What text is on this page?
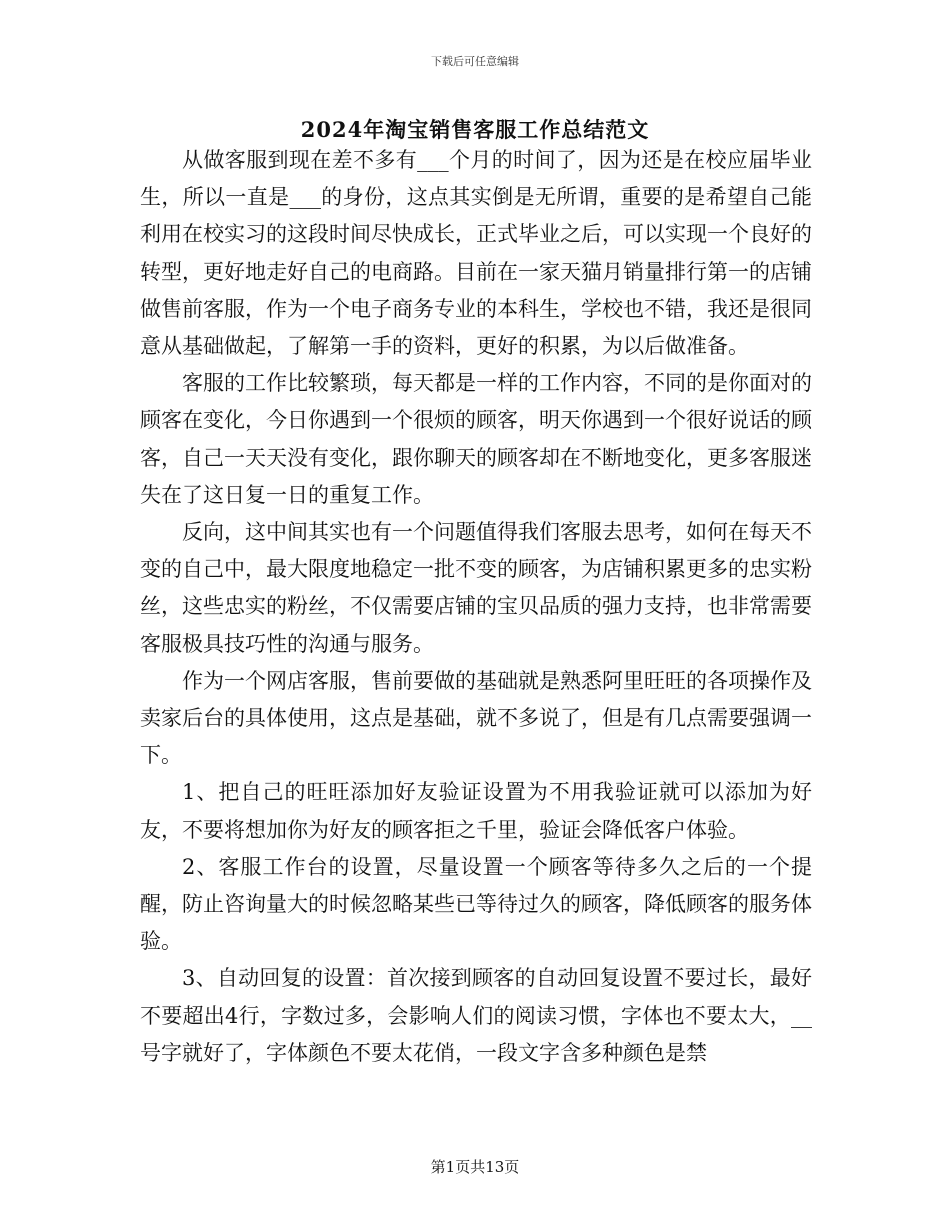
下载后可任意编辑
2024年淘宝销售客服工作总结范文

从做客服到现在差不多有___个月的时间了，因为还是在校应届毕业生，所以一直是___的身份，这点其实倒是无所谓，重要的是希望自己能利用在校实习的这段时间尽快成长，正式毕业之后，可以实现一个良好的转型，更好地走好自己的电商路。目前在一家天猫月销量排行第一的店铺做售前客服，作为一个电子商务专业的本科生，学校也不错，我还是很同意从基础做起，了解第一手的资料，更好的积累，为以后做准备。

客服的工作比较繁琐，每天都是一样的工作内容，不同的是你面对的顾客在变化，今日你遇到一个很烦的顾客，明天你遇到一个很好说话的顾客，自己一天天没有变化，跟你聊天的顾客却在不断地变化，更多客服迷失在了这日复一日的重复工作。

反向，这中间其实也有一个问题值得我们客服去思考，如何在每天不变的自己中，最大限度地稳定一批不变的顾客，为店铺积累更多的忠实粉丝，这些忠实的粉丝，不仅需要店铺的宝贝品质的强力支持，也非常需要客服极具技巧性的沟通与服务。

作为一个网店客服，售前要做的基础就是熟悉阿里旺旺的各项操作及卖家后台的具体使用，这点是基础，就不多说了，但是有几点需要强调一下。

1、把自己的旺旺添加好友验证设置为不用我验证就可以添加为好友，不要将想加你为好友的顾客拒之千里，验证会降低客户体验。

2、客服工作台的设置，尽量设置一个顾客等待多久之后的一个提醒，防止咨询量大的时候忽略某些已等待过久的顾客，降低顾客的服务体验。

3、自动回复的设置：首次接到顾客的自动回复设置不要过长，最好不要超出4行，字数过多，会影响人们的阅读习惯，字体也不要太大，__号字就好了，字体颜色不要太花俏，一段文字含多种颜色是禁

第1页共13页
